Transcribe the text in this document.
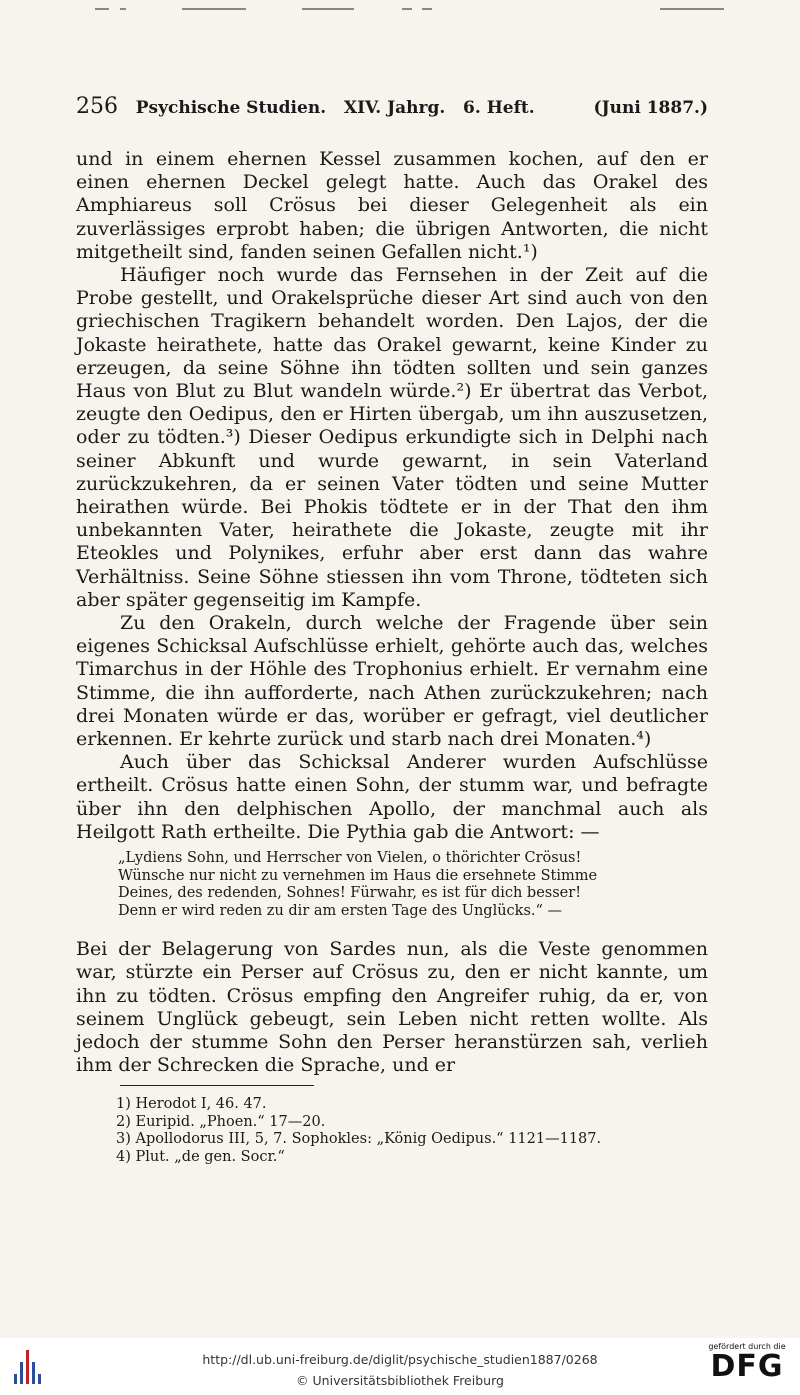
256 Psychische Studien. XIV. Jahrg. 6. Heft.	(Juni 1887.)

und in einem ehernen Kessel zusammen kochen, auf den er einen ehernen Deckel gelegt hatte. Auch das Orakel des Amphiareus soll Crösus bei dieser Gelegenheit als ein zuverlässiges erprobt haben; die übrigen Antworten, die nicht mitgetheilt sind, fanden seinen Gefallen nicht.¹)

Häufiger noch wurde das Fernsehen in der Zeit auf die Probe gestellt, und Orakelsprüche dieser Art sind auch von den griechischen Tragikern behandelt worden. Den Lajos, der die Jokaste heirathete, hatte das Orakel gewarnt, keine Kinder zu erzeugen, da seine Söhne ihn tödten sollten und sein ganzes Haus von Blut zu Blut wandeln würde.²) Er übertrat das Verbot, zeugte den Oedipus, den er Hirten übergab, um ihn auszusetzen, oder zu tödten.³) Dieser Oedipus erkundigte sich in Delphi nach seiner Abkunft und wurde gewarnt, in sein Vaterland zurückzukehren, da er seinen Vater tödten und seine Mutter heirathen würde. Bei Phokis tödtete er in der That den ihm unbekannten Vater, heirathete die Jokaste, zeugte mit ihr Eteokles und Polynikes, erfuhr aber erst dann das wahre Verhältniss. Seine Söhne stiessen ihn vom Throne, tödteten sich aber später gegenseitig im Kampfe.

Zu den Orakeln, durch welche der Fragende über sein eigenes Schicksal Aufschlüsse erhielt, gehörte auch das, welches Timarchus in der Höhle des Trophonius erhielt. Er vernahm eine Stimme, die ihn aufforderte, nach Athen zurückzukehren; nach drei Monaten würde er das, worüber er gefragt, viel deutlicher erkennen. Er kehrte zurück und starb nach drei Monaten.⁴)

Auch über das Schicksal Anderer wurden Aufschlüsse ertheilt. Crösus hatte einen Sohn, der stumm war, und befragte über ihn den delphischen Apollo, der manchmal auch als Heilgott Rath ertheilte. Die Pythia gab die Antwort: —

„Lydiens Sohn, und Herrscher von Vielen, o thörichter Crösus!
Wünsche nur nicht zu vernehmen im Haus die ersehnete Stimme
Deines, des redenden, Sohnes! Fürwahr, es ist für dich besser!
Denn er wird reden zu dir am ersten Tage des Unglücks.“ —

Bei der Belagerung von Sardes nun, als die Veste genommen war, stürzte ein Perser auf Crösus zu, den er nicht kannte, um ihn zu tödten. Crösus empfing den Angreifer ruhig, da er, von seinem Unglück gebeugt, sein Leben nicht retten wollte. Als jedoch der stumme Sohn den Perser heranstürzen sah, verlieh ihm der Schrecken die Sprache, und er

1) Herodot I, 46. 47.
2) Euripid. „Phoen.“ 17—20.
3) Apollodorus III, 5, 7. Sophokles: „König Oedipus.“ 1121—1187.
4) Plut. „de gen. Socr.“
http://dl.ub.uni-freiburg.de/diglit/psychische_studien1887/0268
© Universitätsbibliothek Freiburg
gefördert durch die
DFG
